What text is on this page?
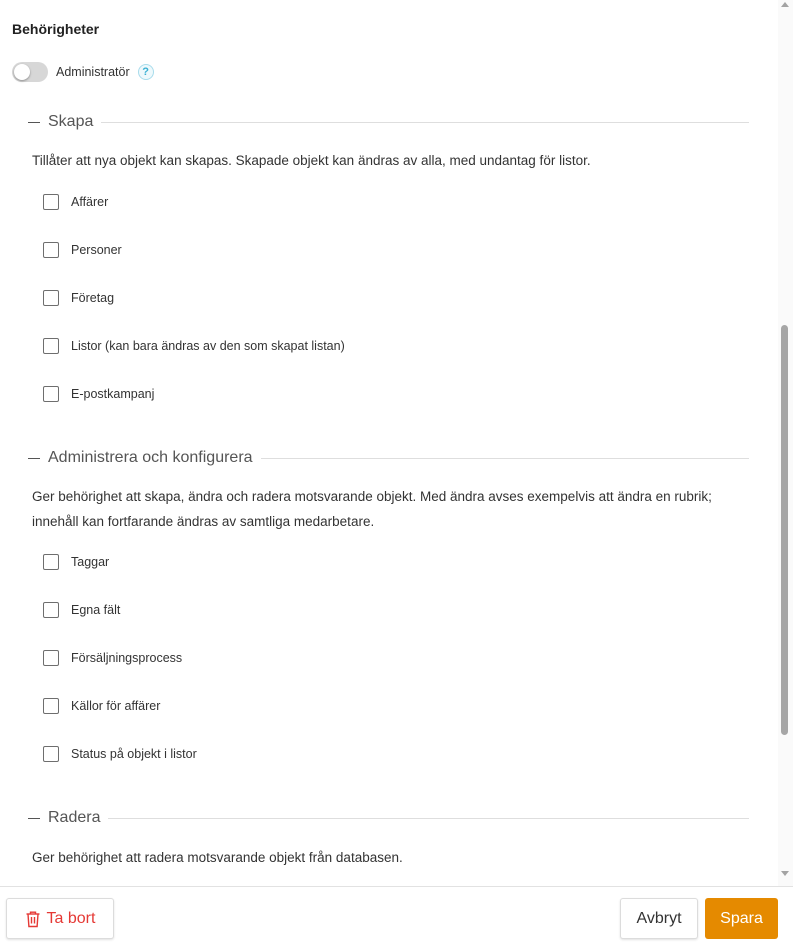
Behörigheter
Administratör	?
Skapa
Tillåter att nya objekt kan skapas. Skapade objekt kan ändras av alla, med undantag för listor.
Affärer
Personer
Företag
Listor (kan bara ändras av den som skapat listan)
E-postkampanj
Administrera och konfigurera
Ger behörighet att skapa, ändra och radera motsvarande objekt. Med ändra avses exempelvis att ändra en rubrik; innehåll kan fortfarande ändras av samtliga medarbetare.
Taggar
Egna fält
Försäljningsprocess
Källor för affärer
Status på objekt i listor
Radera
Ger behörighet att radera motsvarande objekt från databasen.
Ta bort	Avbryt	Spara
